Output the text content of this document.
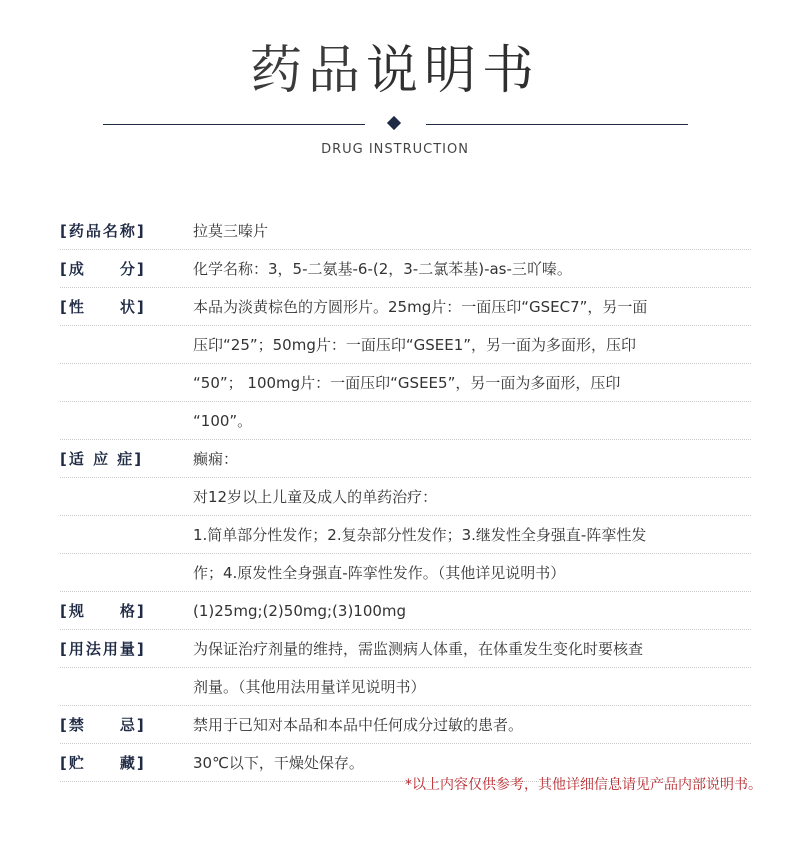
药品说明书
DRUG INSTRUCTION
[药品名称]	拉莫三嗪片
[成　　分]	化学名称：3，5-二氨基-6-(2，3-二氯苯基)-as-三吖嗪。
[性　　状]	本品为淡黄棕色的方圆形片。25mg片：一面压印“GSEC7”，另一面
压印“25”；50mg片：一面压印“GSEE1”，另一面为多面形，压印
“50”； 100mg片：一面压印“GSEE5”，另一面为多面形，压印
“100”。
[适 应 症]	癫痫：
对12岁以上儿童及成人的单药治疗：
1.简单部分性发作；2.复杂部分性发作；3.继发性全身强直-阵挛性发
作；4.原发性全身强直-阵挛性发作。（其他详见说明书）
[规　　格]	(1)25mg;(2)50mg;(3)100mg
[用法用量]	为保证治疗剂量的维持，需监测病人体重，在体重发生变化时要核查
剂量。（其他用法用量详见说明书）
[禁　　忌]	禁用于已知对本品和本品中任何成分过敏的患者。
[贮　　藏]	30℃以下，干燥处保存。
*以上内容仅供参考，其他详细信息请见产品内部说明书。
